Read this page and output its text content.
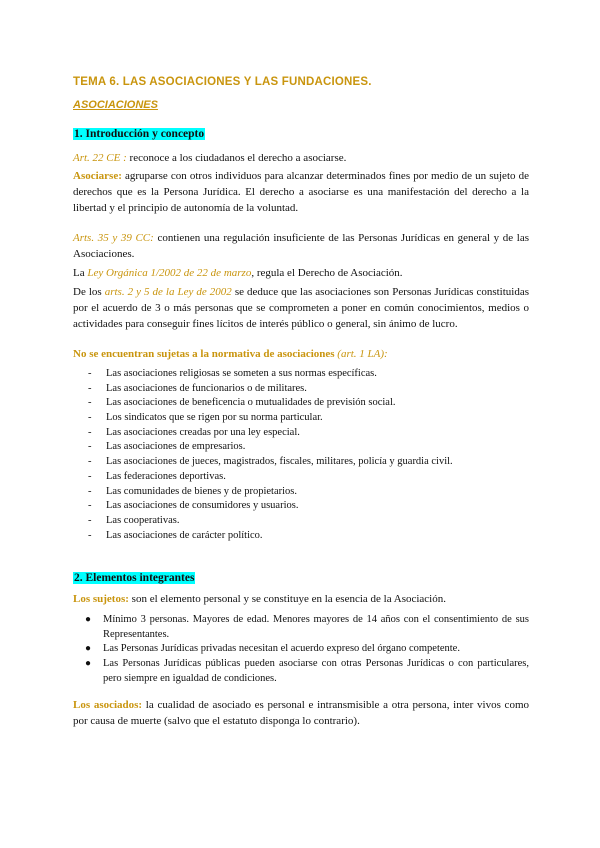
TEMA 6. LAS ASOCIACIONES Y LAS FUNDACIONES.
ASOCIACIONES
1. Introducción y concepto
Art. 22 CE : reconoce a los ciudadanos el derecho a asociarse.
Asociarse: agruparse con otros individuos para alcanzar determinados fines por medio de un sujeto de derechos que es la Persona Jurídica. El derecho a asociarse es una manifestación del derecho a la libertad y el principio de autonomía de la voluntad.
Arts. 35 y 39 CC: contienen una regulación insuficiente de las Personas Jurídicas en general y de las Asociaciones.
La Ley Orgánica 1/2002 de 22 de marzo, regula el Derecho de Asociación.
De los arts. 2 y 5 de la Ley de 2002 se deduce que las asociaciones son Personas Jurídicas constituidas por el acuerdo de 3 o más personas que se comprometen a poner en común conocimientos, medios o actividades para conseguir fines lícitos de interés público o general, sin ánimo de lucro.
No se encuentran sujetas a la normativa de asociaciones (art. 1 LA):
- Las asociaciones religiosas se someten a sus normas específicas.
- Las asociaciones de funcionarios o de militares.
- Las asociaciones de beneficencia o mutualidades de previsión social.
- Los sindicatos que se rigen por su norma particular.
- Las asociaciones creadas por una ley especial.
- Las asociaciones de empresarios.
- Las asociaciones de jueces, magistrados, fiscales, militares, policía y guardia civil.
- Las federaciones deportivas.
- Las comunidades de bienes y de propietarios.
- Las asociaciones de consumidores y usuarios.
- Las cooperativas.
- Las asociaciones de carácter político.
2. Elementos integrantes
Los sujetos: son el elemento personal y se constituye en la esencia de la Asociación.
● Mínimo 3 personas. Mayores de edad. Menores mayores de 14 años con el consentimiento de sus Representantes.
● Las Personas Jurídicas privadas necesitan el acuerdo expreso del órgano competente.
● Las Personas Jurídicas públicas pueden asociarse con otras Personas Jurídicas o con particulares, pero siempre en igualdad de condiciones.
Los asociados: la cualidad de asociado es personal e intransmisible a otra persona, inter vivos como por causa de muerte (salvo que el estatuto disponga lo contrario).
